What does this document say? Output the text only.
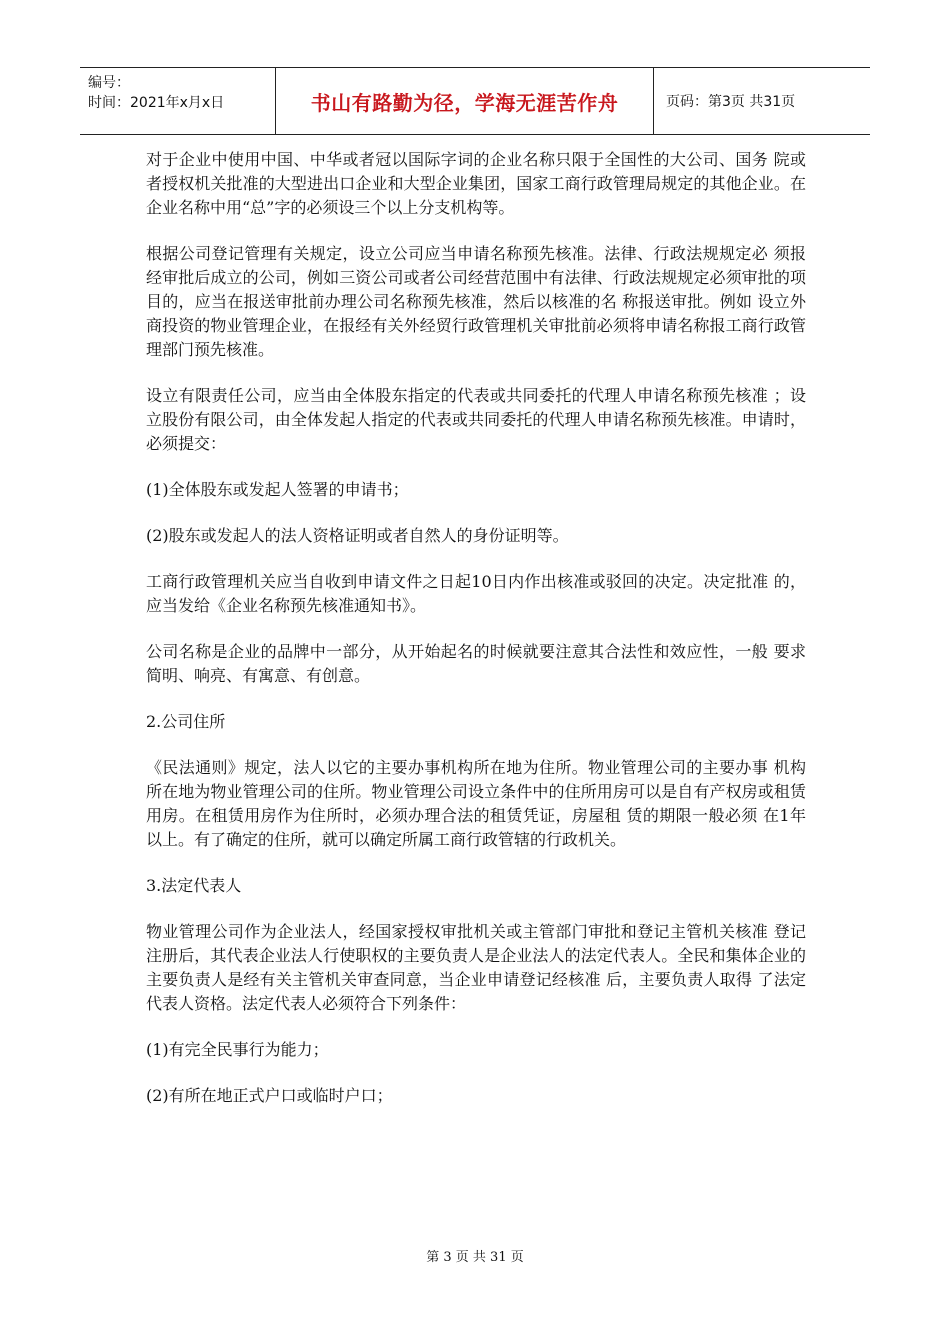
编号：
时间：2021年x月x日	书山有路勤为径，学海无涯苦作舟	页码：第3页 共31页

对于企业中使用中国、中华或者冠以国际字词的企业名称只限于全国性的大公司、国务 院或者授权机关批准的大型进出口企业和大型企业集团，国家工商行政管理局规定的其他企业。在企业名称中用“总”字的必须设三个以上分支机构等。

根据公司登记管理有关规定，设立公司应当申请名称预先核准。法律、行政法规规定必 须报经审批后成立的公司，例如三资公司或者公司经营范围中有法律、行政法规规定必须审批的项目的，应当在报送审批前办理公司名称预先核准，然后以核准的名 称报送审批。例如 设立外商投资的物业管理企业，在报经有关外经贸行政管理机关审批前必须将申请名称报工商行政管理部门预先核准。

设立有限责任公司，应当由全体股东指定的代表或共同委托的代理人申请名称预先核准 ；设立股份有限公司，由全体发起人指定的代表或共同委托的代理人申请名称预先核准。申请时，必须提交：

(1)全体股东或发起人签署的申请书；

(2)股东或发起人的法人资格证明或者自然人的身份证明等。

工商行政管理机关应当自收到申请文件之日起10日内作出核准或驳回的决定。决定批准 的，应当发给《企业名称预先核准通知书》。

公司名称是企业的品牌中一部分，从开始起名的时候就要注意其合法性和效应性，一般 要求简明、响亮、有寓意、有创意。

2.公司住所

《民法通则》规定，法人以它的主要办事机构所在地为住所。物业管理公司的主要办事 机构所在地为物业管理公司的住所。物业管理公司设立条件中的住所用房可以是自有产权房或租赁用房。在租赁用房作为住所时，必须办理合法的租赁凭证，房屋租 赁的期限一般必须 在1年以上。有了确定的住所，就可以确定所属工商行政管辖的行政机关。

3.法定代表人

物业管理公司作为企业法人，经国家授权审批机关或主管部门审批和登记主管机关核准 登记注册后，其代表企业法人行使职权的主要负责人是企业法人的法定代表人。全民和集体企业的主要负责人是经有关主管机关审查同意，当企业申请登记经核准 后，主要负责人取得 了法定代表人资格。法定代表人必须符合下列条件：

(1)有完全民事行为能力；

(2)有所在地正式户口或临时户口；

第 3 页 共 31 页
